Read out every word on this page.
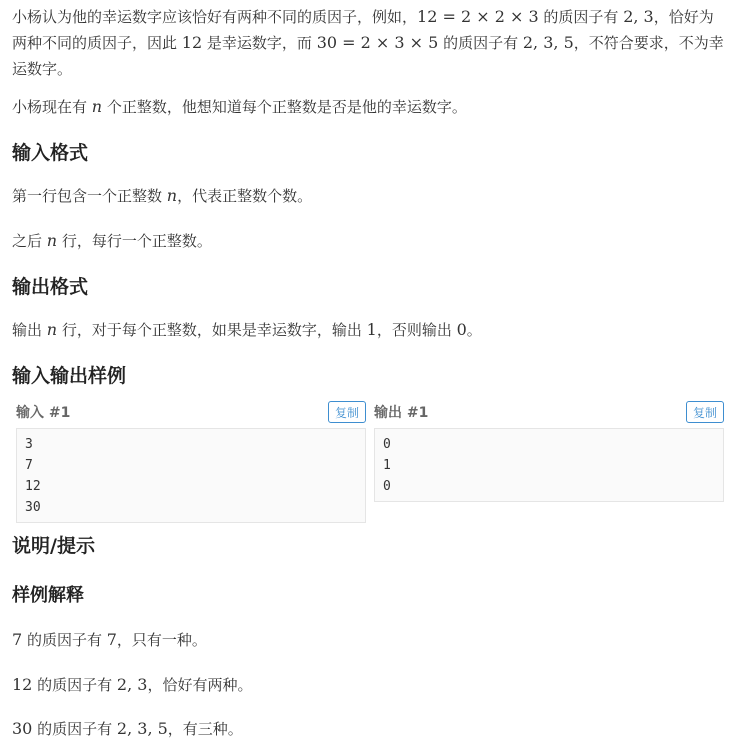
小杨认为他的幸运数字应该恰好有两种不同的质因子，例如，12 = 2 × 2 × 3 的质因子有 2, 3，恰好为两种不同的质因子，因此 12 是幸运数字，而 30 = 2 × 3 × 5 的质因子有 2, 3, 5，不符合要求，不为幸运数字。

小杨现在有 n 个正整数，他想知道每个正整数是否是他的幸运数字。

输入格式

第一行包含一个正整数 n，代表正整数个数。

之后 n 行，每行一个正整数。

输出格式

输出 n 行，对于每个正整数，如果是幸运数字，输出 1，否则输出 0。

输入输出样例
输入 #1	复制
3
7
12
30
输出 #1	复制
0
1
0
说明/提示
样例解释

7 的质因子有 7，只有一种。

12 的质因子有 2, 3，恰好有两种。

30 的质因子有 2, 3, 5，有三种。
